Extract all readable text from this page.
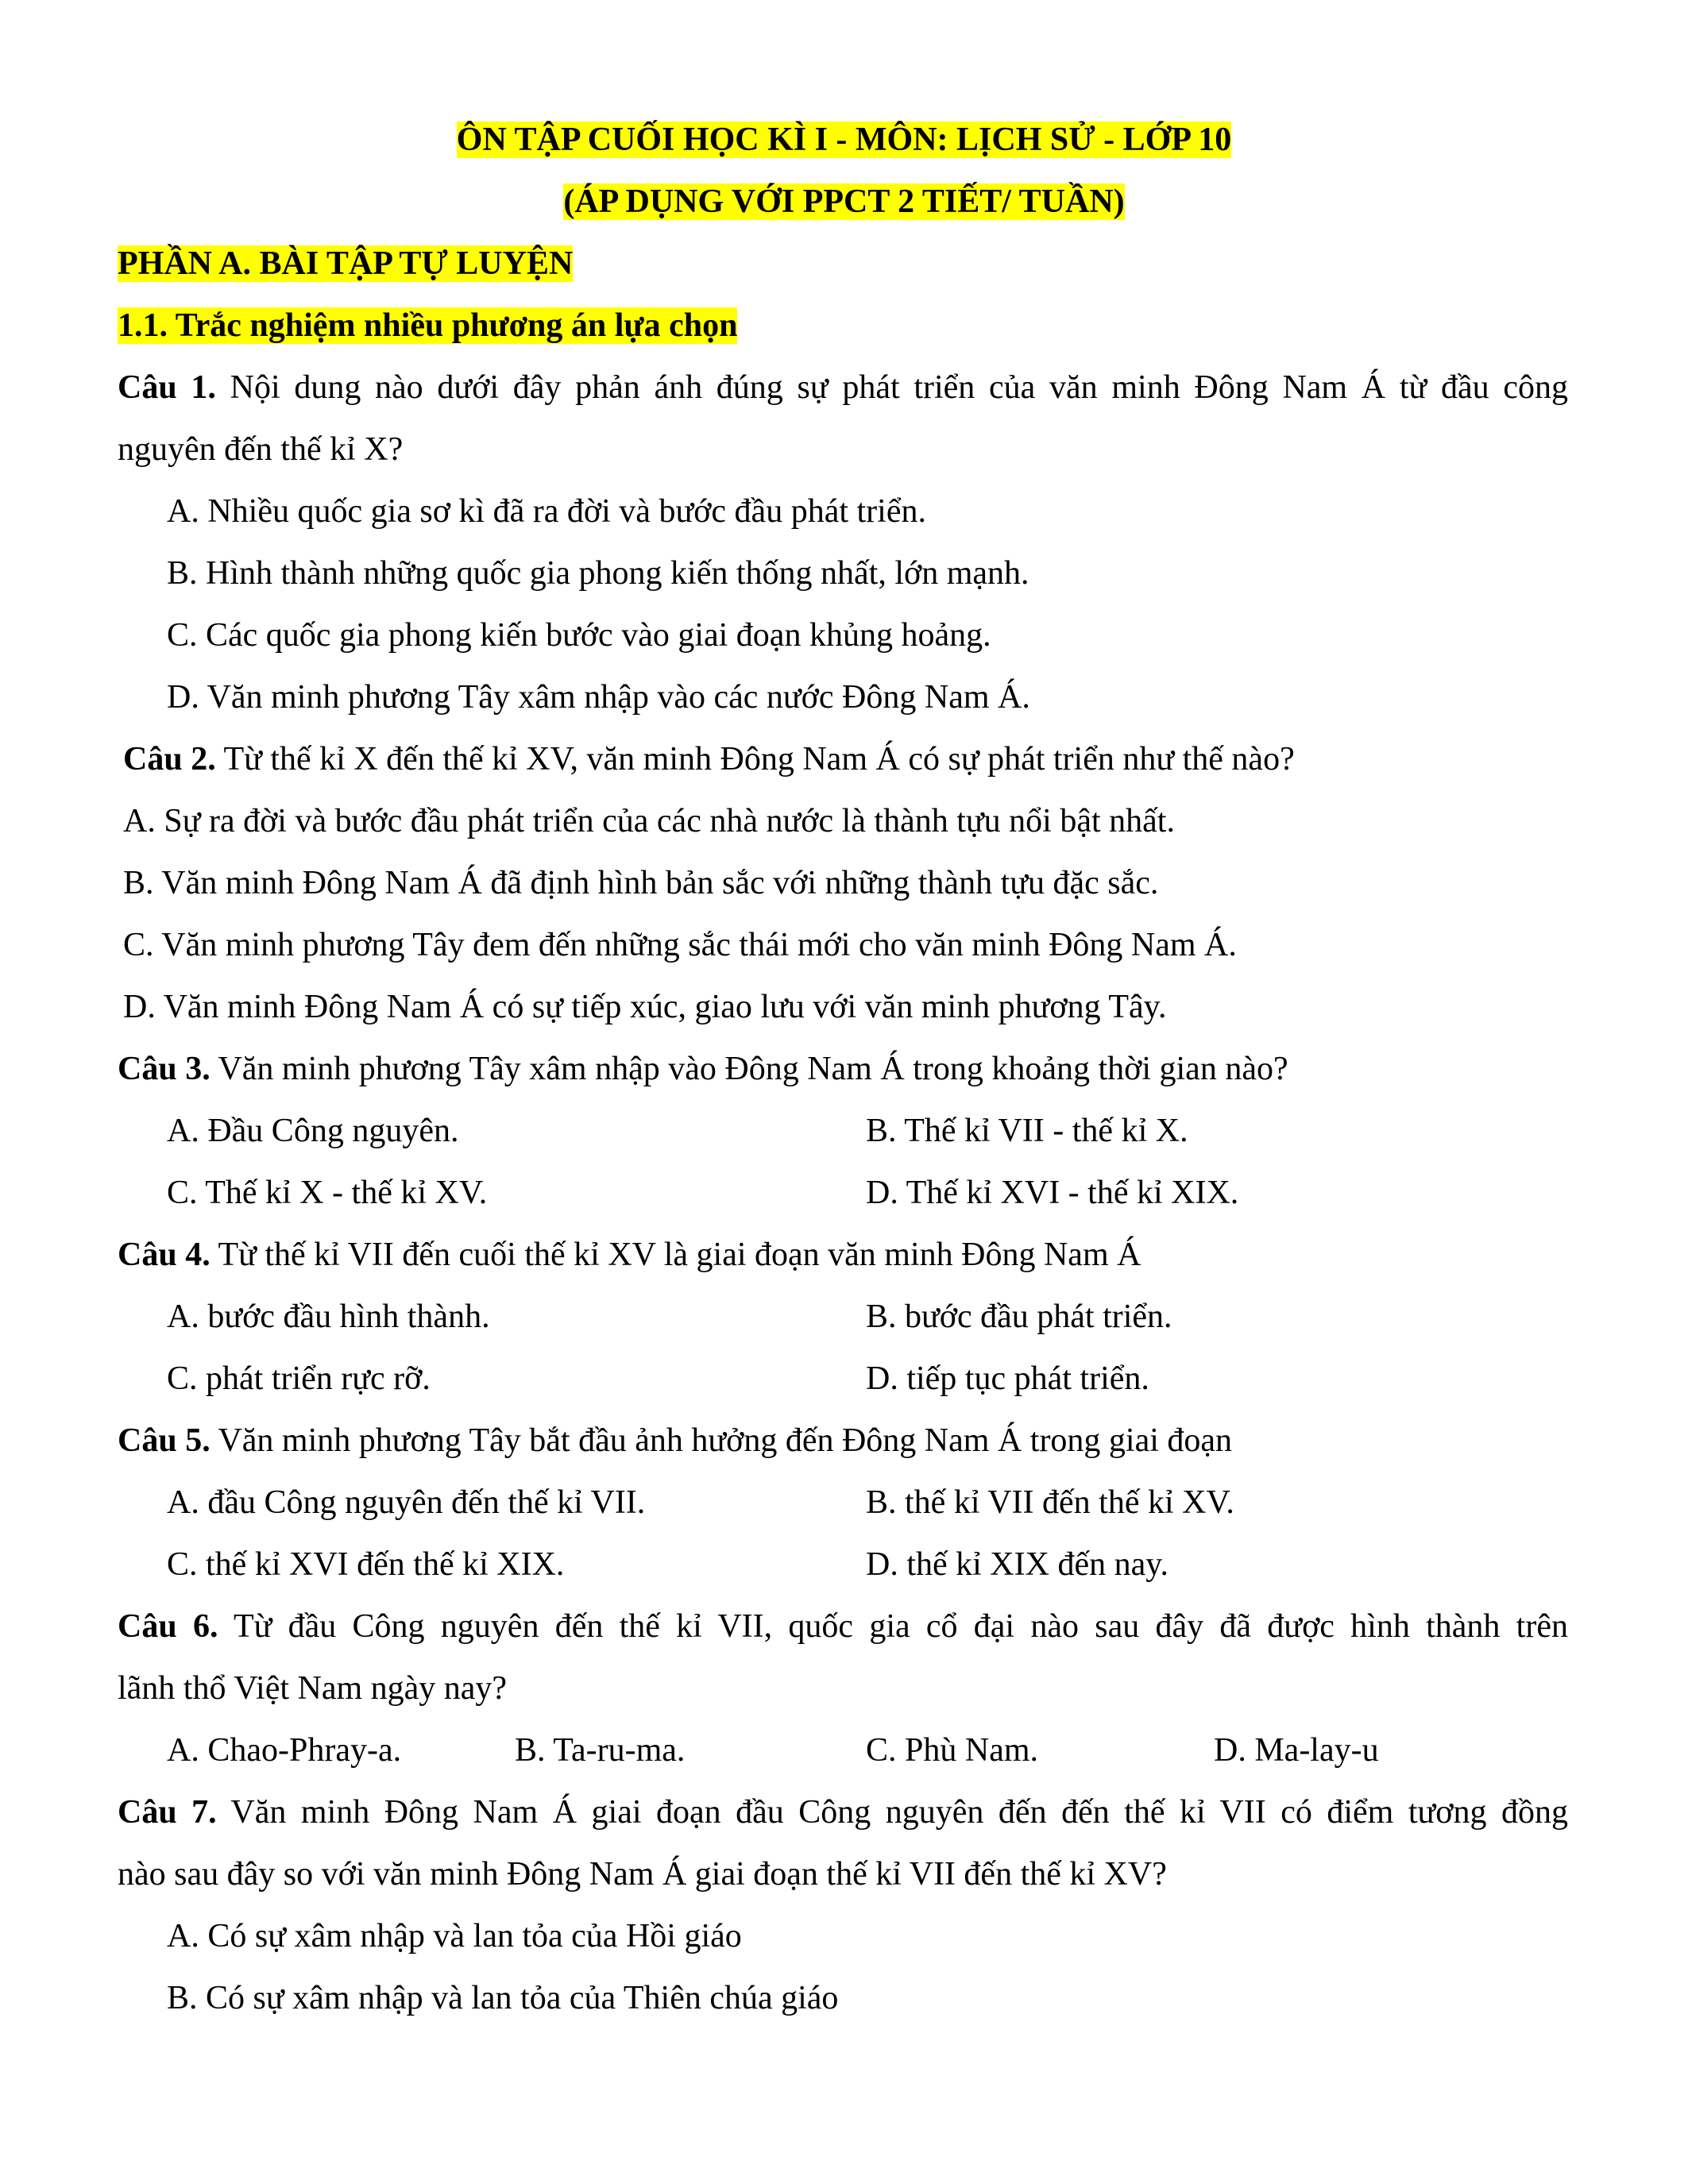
ÔN TẬP CUỐI HỌC KÌ I - MÔN: LỊCH SỬ - LỚP 10
(ÁP DỤNG VỚI PPCT 2 TIẾT/ TUẦN)
PHẦN A. BÀI TẬP TỰ LUYỆN
1.1. Trắc nghiệm nhiều phương án lựa chọn
Câu 1. Nội dung nào dưới đây phản ánh đúng sự phát triển của văn minh Đông Nam Á từ đầu công
nguyên đến thế kỉ X?
A. Nhiều quốc gia sơ kì đã ra đời và bước đầu phát triển.
B. Hình thành những quốc gia phong kiến thống nhất, lớn mạnh.
C. Các quốc gia phong kiến bước vào giai đoạn khủng hoảng.
D. Văn minh phương Tây xâm nhập vào các nước Đông Nam Á.
Câu 2. Từ thế kỉ X đến thế kỉ XV, văn minh Đông Nam Á có sự phát triển như thế nào?
A. Sự ra đời và bước đầu phát triển của các nhà nước là thành tựu nổi bật nhất.
B. Văn minh Đông Nam Á đã định hình bản sắc với những thành tựu đặc sắc.
C. Văn minh phương Tây đem đến những sắc thái mới cho văn minh Đông Nam Á.
D. Văn minh Đông Nam Á có sự tiếp xúc, giao lưu với văn minh phương Tây.
Câu 3. Văn minh phương Tây xâm nhập vào Đông Nam Á trong khoảng thời gian nào?
A. Đầu Công nguyên.	B. Thế kỉ VII - thế kỉ X.
C. Thế kỉ X - thế kỉ XV.	D. Thế kỉ XVI - thế kỉ XIX.
Câu 4. Từ thế kỉ VII đến cuối thế kỉ XV là giai đoạn văn minh Đông Nam Á
A. bước đầu hình thành.	B. bước đầu phát triển.
C. phát triển rực rỡ.	D. tiếp tục phát triển.
Câu 5. Văn minh phương Tây bắt đầu ảnh hưởng đến Đông Nam Á trong giai đoạn
A. đầu Công nguyên đến thế kỉ VII.	B. thế kỉ VII đến thế kỉ XV.
C. thế kỉ XVI đến thế kỉ XIX.	D. thế kỉ XIX đến nay.
Câu 6. Từ đầu Công nguyên đến thế kỉ VII, quốc gia cổ đại nào sau đây đã được hình thành trên
lãnh thổ Việt Nam ngày nay?
A. Chao-Phray-a.	B. Ta-ru-ma.	C. Phù Nam.	D. Ma-lay-u
Câu 7. Văn minh Đông Nam Á giai đoạn đầu Công nguyên đến đến thế kỉ VII có điểm tương đồng
nào sau đây so với văn minh Đông Nam Á giai đoạn thế kỉ VII đến thế kỉ XV?
A. Có sự xâm nhập và lan tỏa của Hồi giáo
B. Có sự xâm nhập và lan tỏa của Thiên chúa giáo
